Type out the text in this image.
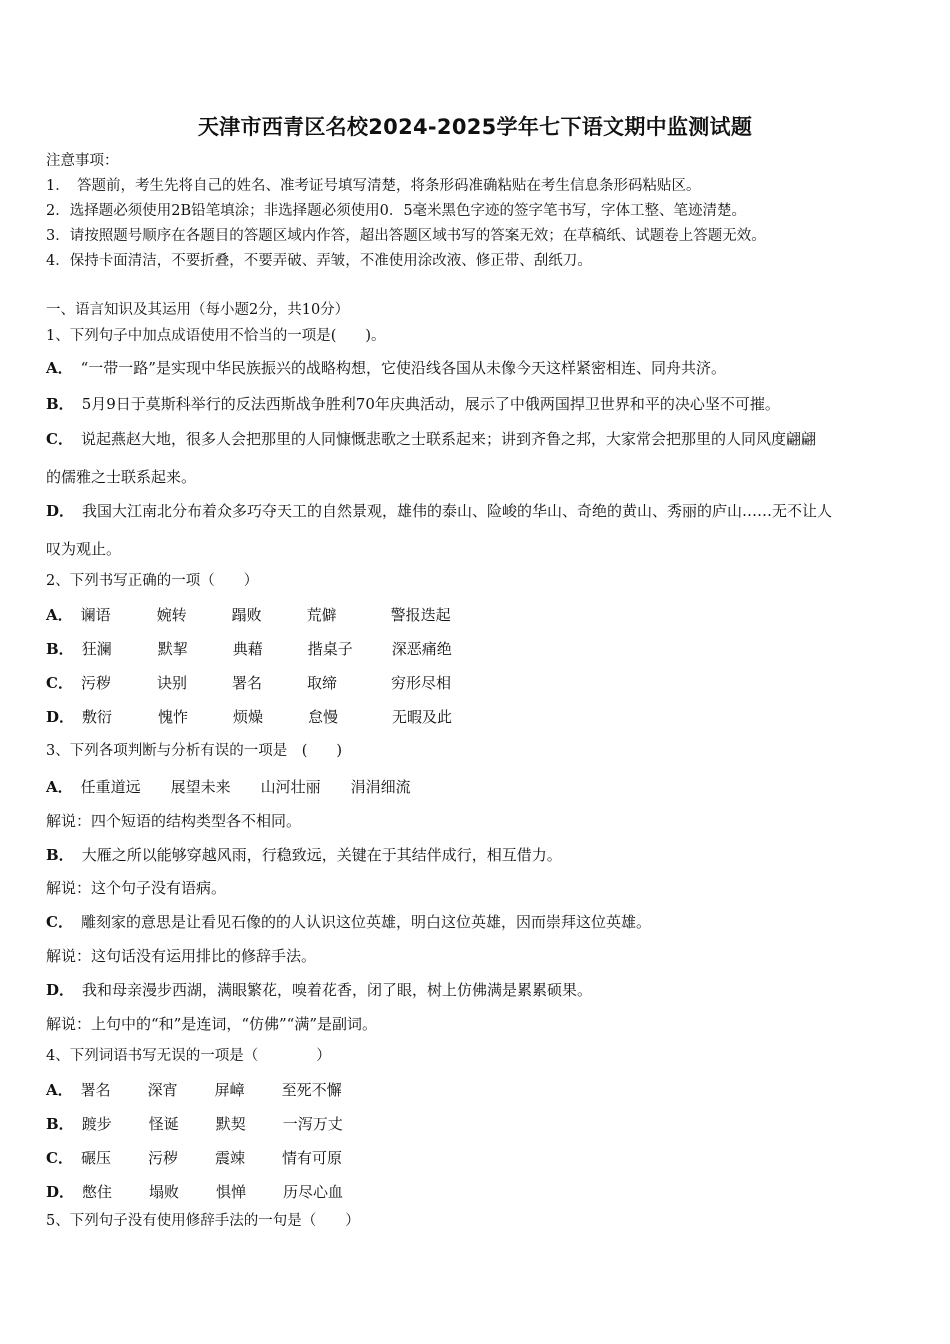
天津市西青区名校2024-2025学年七下语文期中监测试题
注意事项：
1．　答题前，考生先将自己的姓名、准考证号填写清楚，将条形码准确粘贴在考生信息条形码粘贴区。
2．选择题必须使用2B铅笔填涂；非选择题必须使用0．5毫米黑色字迹的签字笔书写，字体工整、笔迹清楚。
3．请按照题号顺序在各题目的答题区域内作答，超出答题区域书写的答案无效；在草稿纸、试题卷上答题无效。
4．保持卡面清洁，不要折叠，不要弄破、弄皱，不准使用涂改液、修正带、刮纸刀。
一、语言知识及其运用（每小题2分，共10分）
1、下列句子中加点成语使用不恰当的一项是(　　)。
A． “一带一路”是实现中华民族振兴的战略构想，它使沿线各国从未像今天这样紧密相连、同舟共济。
B． 5月9日于莫斯科举行的反法西斯战争胜利70年庆典活动，展示了中俄两国捍卫世界和平的决心坚不可摧。
C． 说起燕赵大地，很多人会把那里的人同慷慨悲歌之士联系起来；讲到齐鲁之邦，大家常会把那里的人同风度翩翩
的儒雅之士联系起来。
D． 我国大江南北分布着众多巧夺天工的自然景观，雄伟的泰山、险峻的华山、奇绝的黄山、秀丽的庐山……无不让人
叹为观止。
2、下列书写正确的一项（　　）
A． 谰语	婉转	蹋败	荒僻	警报迭起
B． 狂澜	默挈	典藉	揩桌子	深恶痛绝
C． 污秽	诀别	署名	取缔	穷形尽相
D． 敷衍	愧怍	烦燥	怠慢	无暇及此
3、下列各项判断与分析有误的一项是　(　　)
A． 任重道远　　展望未来　　山河壮丽　　涓涓细流
解说：四个短语的结构类型各不相同。
B． 大雁之所以能够穿越风雨，行稳致远，关键在于其结伴成行，相互借力。
解说：这个句子没有语病。
C． 雕刻家的意思是让看见石像的的人认识这位英雄，明白这位英雄，因而崇拜这位英雄。
解说：这句话没有运用排比的修辞手法。
D． 我和母亲漫步西湖，满眼繁花，嗅着花香，闭了眼，树上仿佛满是累累硕果。
解说：上句中的“和”是连词，“仿佛”“满”是副词。
4、下列词语书写无误的一项是（　　　　）
A． 署名 深宵 屏嶂 至死不懈
B． 踱步 怪诞 默契 一泻万丈
C． 碾压 污秽 震竦 情有可原
D． 憋住 塌败 惧惮 历尽心血
5、下列句子没有使用修辞手法的一句是（　　）
